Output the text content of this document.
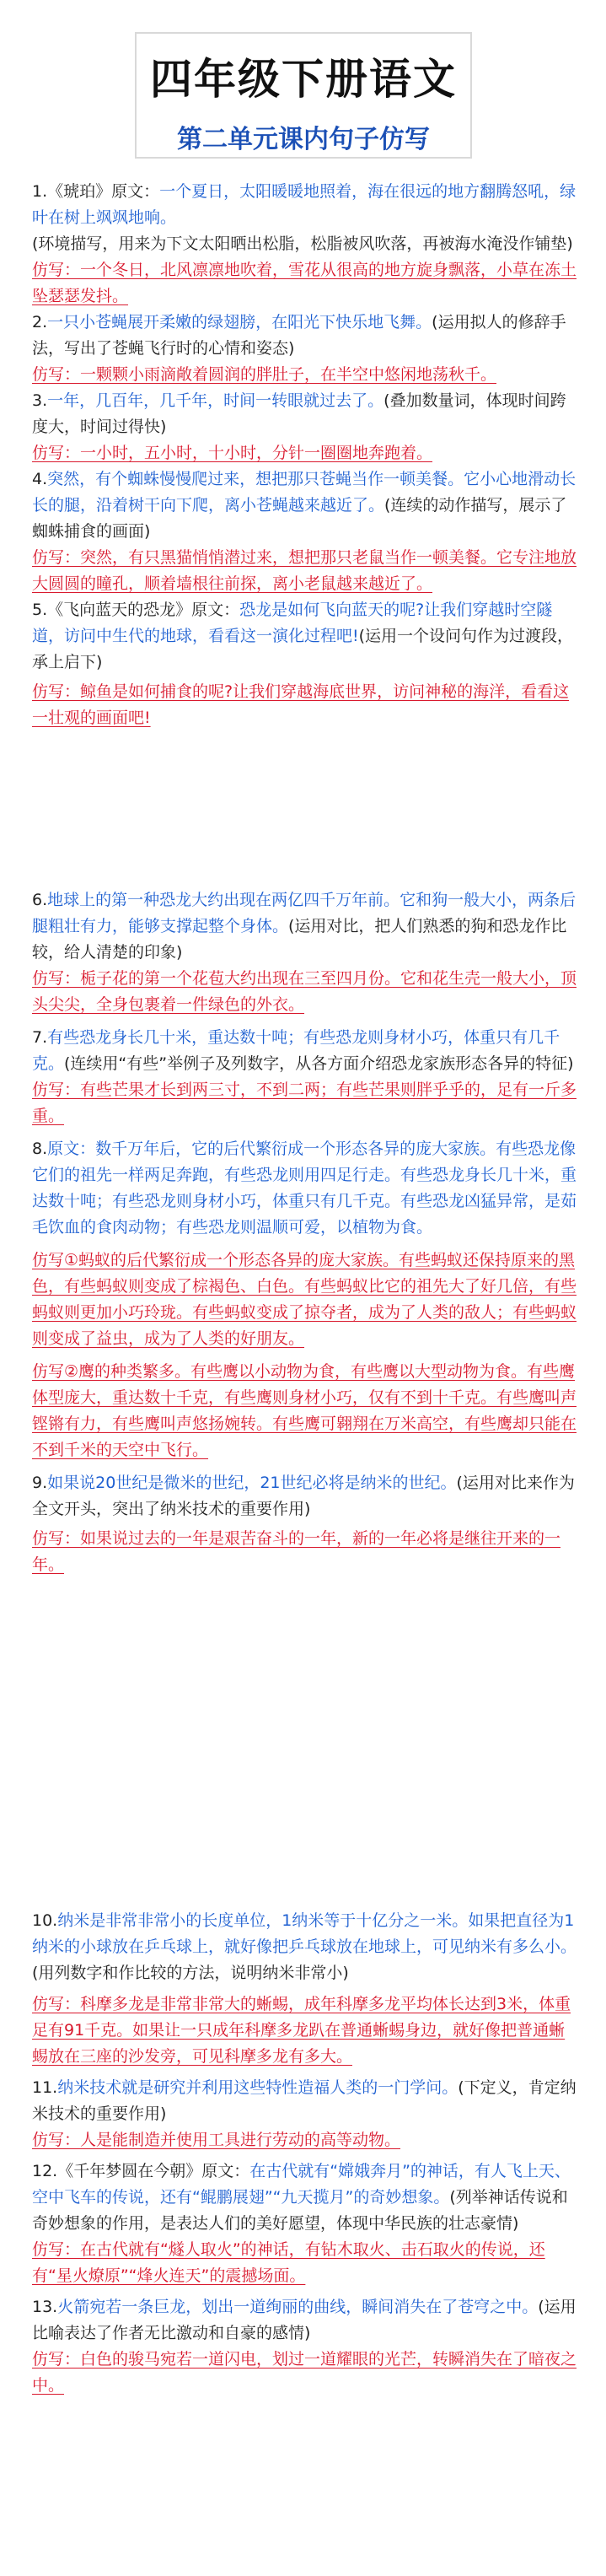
四年级下册语文
第二单元课内句子仿写

1.《琥珀》原文：一个夏日，太阳暖暖地照着，海在很远的地方翻腾怒吼，绿叶在树上飒飒地响。

(环境描写，用来为下文太阳晒出松脂，松脂被风吹落，再被海水淹没作铺垫)

仿写：一个冬日，北风凛凛地吹着，雪花从很高的地方旋身飘落，小草在冻土坠瑟瑟发抖。

2.一只小苍蝇展开柔嫩的绿翅膀，在阳光下快乐地飞舞。(运用拟人的修辞手法，写出了苍蝇飞行时的心情和姿态)

仿写：一颗颗小雨滴敞着圆润的胖肚子，在半空中悠闲地荡秋千。

3.一年，几百年，几千年，时间一转眼就过去了。(叠加数量词，体现时间跨度大，时间过得快)

仿写：一小时，五小时，十小时，分针一圈圈地奔跑着。

4.突然，有个蜘蛛慢慢爬过来，想把那只苍蝇当作一顿美餐。它小心地滑动长长的腿，沿着树干向下爬，离小苍蝇越来越近了。(连续的动作描写，展示了蜘蛛捕食的画面)

仿写：突然，有只黑猫悄悄潜过来，想把那只老鼠当作一顿美餐。它专注地放大圆圆的瞳孔，顺着墙根往前探，离小老鼠越来越近了。

5.《飞向蓝天的恐龙》原文：恐龙是如何飞向蓝天的呢?让我们穿越时空隧道，访问中生代的地球，看看这一演化过程吧!(运用一个设问句作为过渡段，承上启下)

仿写：鲸鱼是如何捕食的呢?让我们穿越海底世界，访问神秘的海洋，看看这一壮观的画面吧!

6.地球上的第一种恐龙大约出现在两亿四千万年前。它和狗一般大小，两条后腿粗壮有力，能够支撑起整个身体。(运用对比，把人们熟悉的狗和恐龙作比较，给人清楚的印象)

仿写：栀子花的第一个花苞大约出现在三至四月份。它和花生壳一般大小，顶头尖尖，全身包裹着一件绿色的外衣。

7.有些恐龙身长几十米，重达数十吨；有些恐龙则身材小巧，体重只有几千克。(连续用“有些”举例子及列数字，从各方面介绍恐龙家族形态各异的特征)

仿写：有些芒果才长到两三寸，不到二两；有些芒果则胖乎乎的，足有一斤多重。

8.原文：数千万年后，它的后代繁衍成一个形态各异的庞大家族。有些恐龙像它们的祖先一样两足奔跑，有些恐龙则用四足行走。有些恐龙身长几十米，重达数十吨；有些恐龙则身材小巧，体重只有几千克。有些恐龙凶猛异常，是茹毛饮血的食肉动物；有些恐龙则温顺可爱，以植物为食。

仿写①蚂蚁的后代繁衍成一个形态各异的庞大家族。有些蚂蚁还保持原来的黑色，有些蚂蚁则变成了棕褐色、白色。有些蚂蚁比它的祖先大了好几倍，有些蚂蚁则更加小巧玲珑。有些蚂蚁变成了掠夺者，成为了人类的敌人；有些蚂蚁则变成了益虫，成为了人类的好朋友。

仿写②鹰的种类繁多。有些鹰以小动物为食，有些鹰以大型动物为食。有些鹰体型庞大，重达数十千克，有些鹰则身材小巧，仅有不到十千克。有些鹰叫声铿锵有力，有些鹰叫声悠扬婉转。有些鹰可翱翔在万米高空，有些鹰却只能在不到千米的天空中飞行。

9.如果说20世纪是微米的世纪，21世纪必将是纳米的世纪。(运用对比来作为全文开头，突出了纳米技术的重要作用)

仿写：如果说过去的一年是艰苦奋斗的一年，新的一年必将是继往开来的一年。

10.纳米是非常非常小的长度单位，1纳米等于十亿分之一米。如果把直径为1纳米的小球放在乒乓球上，就好像把乒乓球放在地球上，可见纳米有多么小。(用列数字和作比较的方法，说明纳米非常小)

仿写：科摩多龙是非常非常大的蜥蜴，成年科摩多龙平均体长达到3米，体重足有91千克。如果让一只成年科摩多龙趴在普通蜥蜴身边，就好像把普通蜥蜴放在三座的沙发旁，可见科摩多龙有多大。

11.纳米技术就是研究并利用这些特性造福人类的一门学问。(下定义，肯定纳米技术的重要作用)

仿写：人是能制造并使用工具进行劳动的高等动物。

12.《千年梦圆在今朝》原文：在古代就有“嫦娥奔月”的神话，有人飞上天、空中飞车的传说，还有“鲲鹏展翅”“九天揽月”的奇妙想象。(列举神话传说和奇妙想象的作用，是表达人们的美好愿望，体现中华民族的壮志豪情)

仿写：在古代就有“燧人取火”的神话，有钻木取火、击石取火的传说，还有“星火燎原”“烽火连天”的震撼场面。

13.火箭宛若一条巨龙，划出一道绚丽的曲线，瞬间消失在了苍穹之中。(运用比喻表达了作者无比激动和自豪的感情)

仿写：白色的骏马宛若一道闪电，划过一道耀眼的光芒，转瞬消失在了暗夜之中。
